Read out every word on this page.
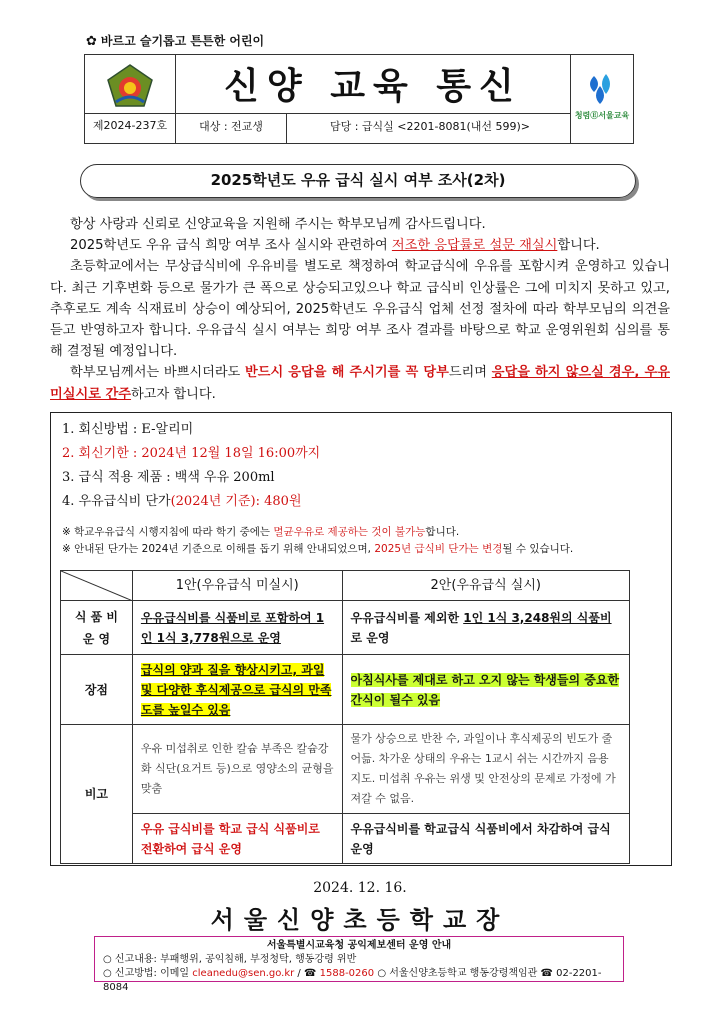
✿ 바르고 슬기롭고 튼튼한 어린이
제2024-237호
신양 교육 통신
대상 : 전교생	담당 : 급식실 <2201-8081(내선 599)>
청렴Ⓔ서울교육
2025학년도 우유 급식 실시 여부 조사(2차)

항상 사랑과 신뢰로 신양교육을 지원해 주시는 학부모님께 감사드립니다.

2025학년도 우유 급식 희망 여부 조사 실시와 관련하여 저조한 응답률로 설문 재실시합니다.

초등학교에서는 무상급식비에 우유비를 별도로 책정하여 학교급식에 우유를 포함시켜 운영하고 있습니다. 최근 기후변화 등으로 물가가 큰 폭으로 상승되고있으나 학교 급식비 인상률은 그에 미치지 못하고 있고, 추후로도 계속 식재료비 상승이 예상되어, 2025학년도 우유급식 업체 선정 절차에 따라 학부모님의 의견을 듣고 반영하고자 합니다. 우유급식 실시 여부는 희망 여부 조사 결과를 바탕으로 학교 운영위원회 심의를 통해 결정될 예정입니다.

학부모님께서는 바쁘시더라도 반드시 응답을 해 주시기를 꼭 당부드리며 응답을 하지 않으실 경우, 우유 미실시로 간주하고자 합니다.

1. 회신방법 : E-알리미
2. 회신기한 : 2024년 12월 18일 16:00까지
3. 급식 적용 제품 : 백색 우유 200ml
4. 우유급식비 단가(2024년 기준): 480원
※ 학교우유급식 시행지침에 따라 학기 중에는 멸균우유로 제공하는 것이 불가능합니다.
※ 안내된 단가는 2024년 기준으로 이해를 돕기 위해 안내되었으며, 2025년 급식비 단가는 변경될 수 있습니다.
	1안(우유급식 미실시)	2안(우유급식 실시)
식 품 비
운 영	우유급식비를 식품비로 포함하여 1인 1식 3,778원으로 운영	우유급식비를 제외한 1인 1식 3,248원의 식품비로 운영
장점	급식의 양과 질을 향상시키고, 과일 및 다양한 후식제공으로 급식의 만족도를 높일수 있음	아침식사를 제대로 하고 오지 않는 학생들의 중요한 간식이 될수 있음
비고	우유 미섭취로 인한 칼슘 부족은 칼슘강화 식단(요거트 등)으로 영양소의 균형을 맞춤	물가 상승으로 반찬 수, 과일이나 후식제공의 빈도가 줄어듦. 차가운 상태의 우유는 1교시 쉬는 시간까지 음용 지도. 미섭취 우유는 위생 및 안전상의 문제로 가정에 가져갈 수 없음.
	우유 급식비를 학교 급식 식품비로 전환하여 급식 운영	우유급식비를 학교급식 식품비에서 차감하여 급식 운영
2024. 12. 16.
서울신양초등학교장
서울특별시교육청 공익제보센터 운영 안내
○ 신고내용: 부패행위, 공익침해, 부정청탁, 행동강령 위반
○ 신고방법: 이메일 cleanedu@sen.go.kr / ☎ 1588-0260 ○ 서울신양초등학교 행동강령책임관 ☎ 02-2201-8084
